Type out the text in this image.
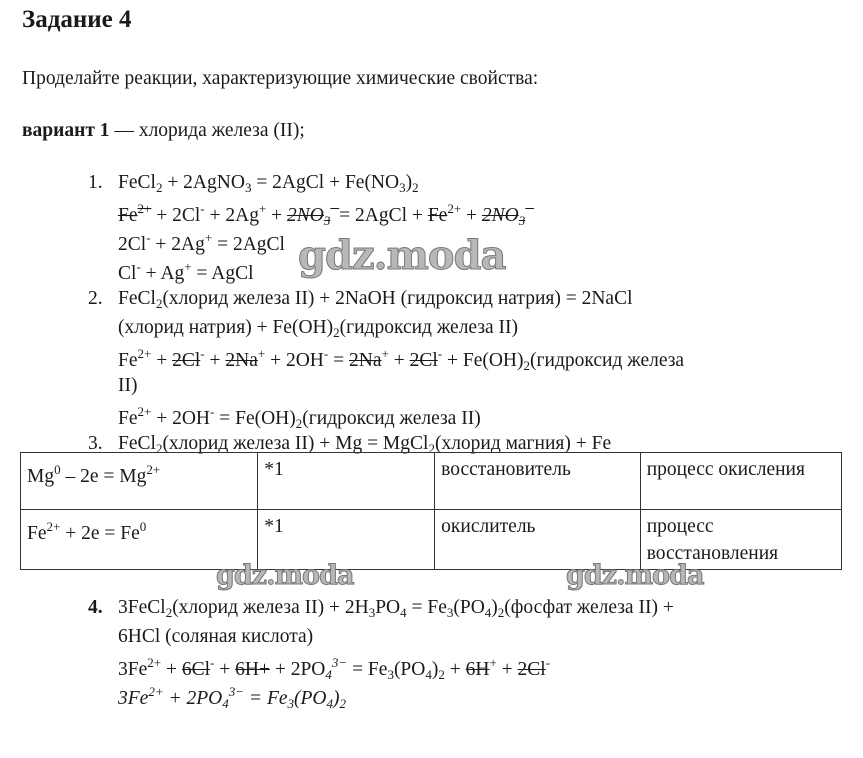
Задание 4
Проделайте реакции, характеризующие химические свойства:
вариант 1 — хлорида железа (II);
1. FeCl$_2$ + 2AgNO$_3$ = 2AgCl + $Fe(NO_3)_2$
$Fe^{2+} + 2Cl^- + 2Ag^+ + 2NO_3^-=$ 2AgCl + $Fe^{2+} + 2NO_3^-$
2Cl- + 2Ag+ = 2AgCl
Cl- + Ag+ = AgCl
2. FeCl$_2$(хлорид железа II) + 2NaOH (гидроксид натрия) = 2NaCl
(хлорид натрия) + $Fe(OH)_2(гидроксид$ железа II)
$Fe^{2+} + 2Cl^- + 2Na^+ + 2OH^- = 2Na^+ + 2Cl^-$ + $Fe(OH)_2(гидроксид$ железа
II)
$Fe^{2+} + 2OH^-$ = $Fe(OH)_2(гидроксид$ железа II)
3. FeCl$_2$(хлорид железа II) + Mg = MgCl$_2$(хлорид магния) + Fe
$Mg^0 - 2e = Mg^{2+}$	*1	восстановитель	процесс окисления
$Fe^{2+} + 2e = Fe^0$	*1	окислитель	процесс восстановления
4. 3FeCl$_2$(хлорид железа $II) + 2H_3PO_4$ = $Fe_3(PO_4)_2(фосфат$ железа II) +
6HCl (соляная кислота)
$3Fe^{2+} + 6Cl^- + 6H+ + 2PO_4^{3-} = Fe_3(PO_4)_2 + 6H^+ + 2Cl^-$
$3Fe^{2+} + 2PO_4^{3-} = Fe_3(PO_4)_2$
gdz.moda
gdz.moda	gdz.moda
